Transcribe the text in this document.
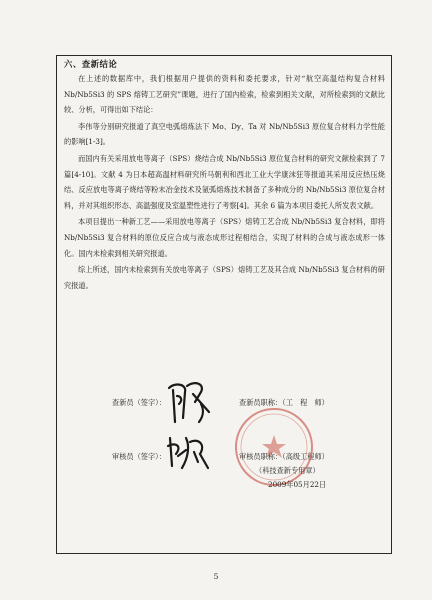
六、查新结论

在上述的数据库中，我们根据用户提供的资料和委托要求，针对“航空高温结构复合材料 Nb/Nb5Si3 的 SPS 熔铸工艺研究”课题，进行了国内检索，检索到相关文献，对所检索到的文献比较、分析，可得出如下结论：

李伟等分别研究报道了真空电弧熔炼法下 Mo、Dy、Ta 对 Nb/Nb5Si3 原位复合材料力学性能的影响[1-3]。

而国内有关采用放电等离子（SPS）烧结合成 Nb/Nb5Si3 原位复合材料的研究文献检索到了 7 篇[4-10]。文献 4 为日本超高温材料研究所马朝利和西北工业大学康沫狂等报道其采用反应热压烧结、反应放电等离子烧结等粉末冶金技术及氩弧熔炼技术制备了多种成分的 Nb/Nb5Si3 原位复合材料，并对其组织形态、高温强度及室温塑性进行了考察[4]。其余 6 篇为本项目委托人所发表文献。

本项目提出一种新工艺——采用放电等离子（SPS）熔铸工艺合成 Nb/Nb5Si3 复合材料，即将 Nb/Nb5Si3 复合材料的原位反应合成与液态成形过程相结合，实现了材料的合成与液态成形一体化。国内未检索到相关研究报道。

综上所述，国内未检索到有关放电等离子（SPS）熔铸工艺及其合成 Nb/Nb5Si3 复合材料的研究报道。

查新员（签字）：	查新员职称：（工　程　师）
审核员（签字）：	审核员职称：（高级工程师）
（科技查新专用章）
2009年05月22日
5
